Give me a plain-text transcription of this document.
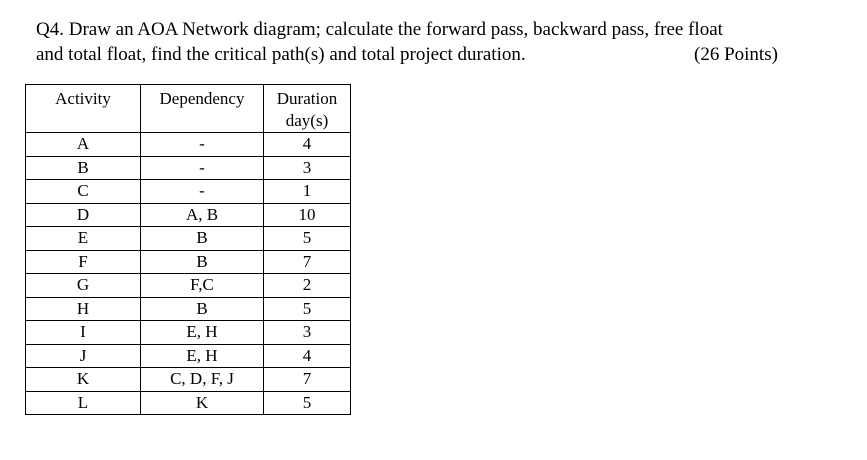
Q4. Draw an AOA Network diagram; calculate the forward pass, backward pass, free float
and total float, find the critical path(s) and total project duration.	(26 Points)
Activity	Dependency	Duration
day(s)
A	-	4
B	-	3
C	-	1
D	A, B	10
E	B	5
F	B	7
G	F,C	2
H	B	5
I	E, H	3
J	E, H	4
K	C, D, F, J	7
L	K	5
